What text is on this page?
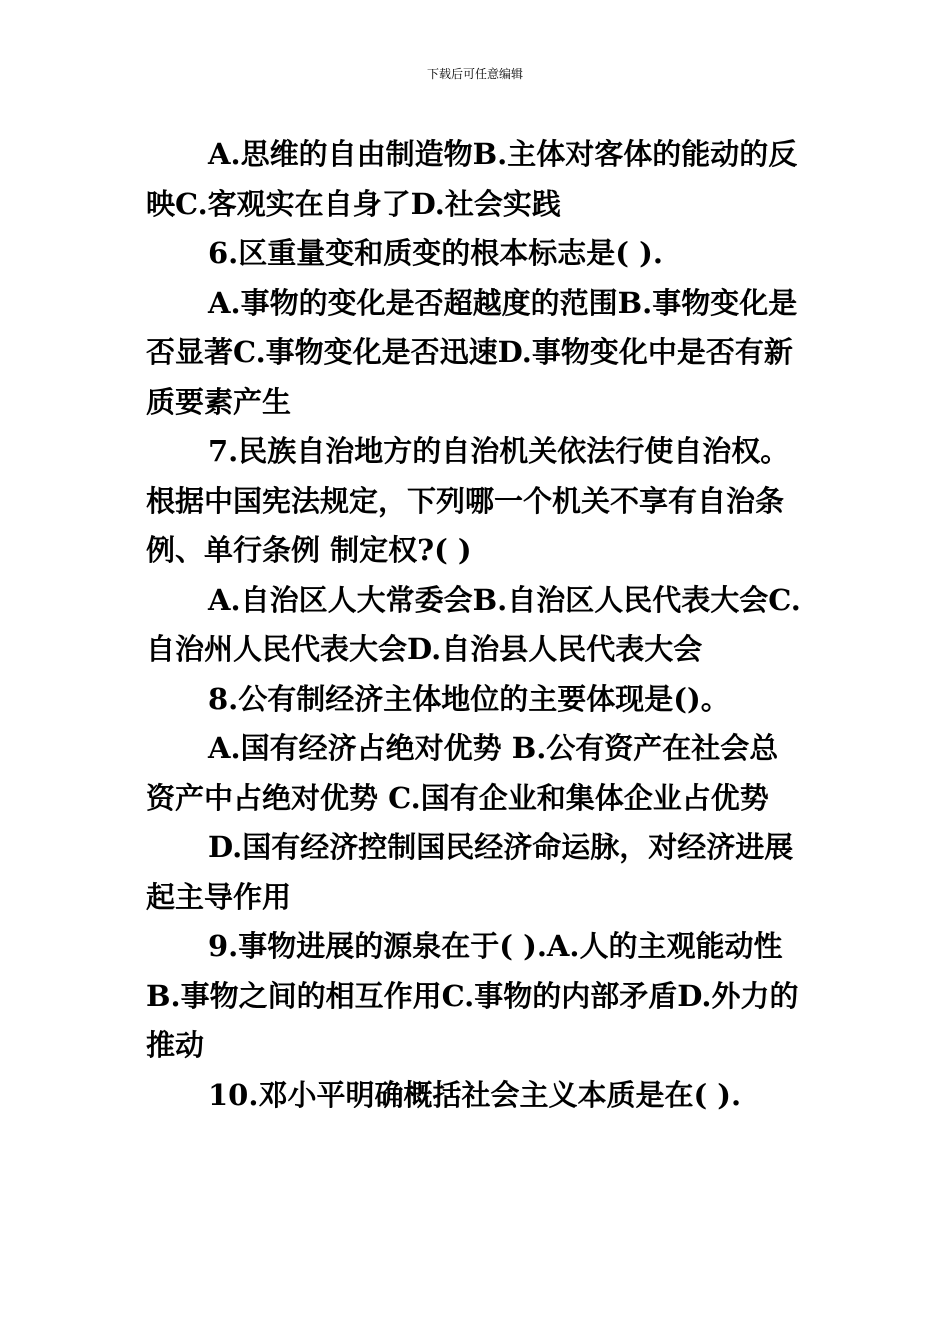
下载后可任意编辑

A.思维的自由制造物B.主体对客体的能动的反映C.客观实在自身了D.社会实践

6.区重量变和质变的根本标志是( ).

A.事物的变化是否超越度的范围B.事物变化是否显著C.事物变化是否迅速D.事物变化中是否有新质要素产生

7.民族自治地方的自治机关依法行使自治权。根据中国宪法规定，下列哪一个机关不享有自治条例、单行条例 制定权?( )

A.自治区人大常委会B.自治区人民代表大会C.自治州人民代表大会D.自治县人民代表大会

8.公有制经济主体地位的主要体现是()。

A.国有经济占绝对优势 B.公有资产在社会总资产中占绝对优势 C.国有企业和集体企业占优势

D.国有经济控制国民经济命运脉，对经济进展起主导作用

9.事物进展的源泉在于( ).A.人的主观能动性B.事物之间的相互作用C.事物的内部矛盾D.外力的推动

10.邓小平明确概括社会主义本质是在( ).
